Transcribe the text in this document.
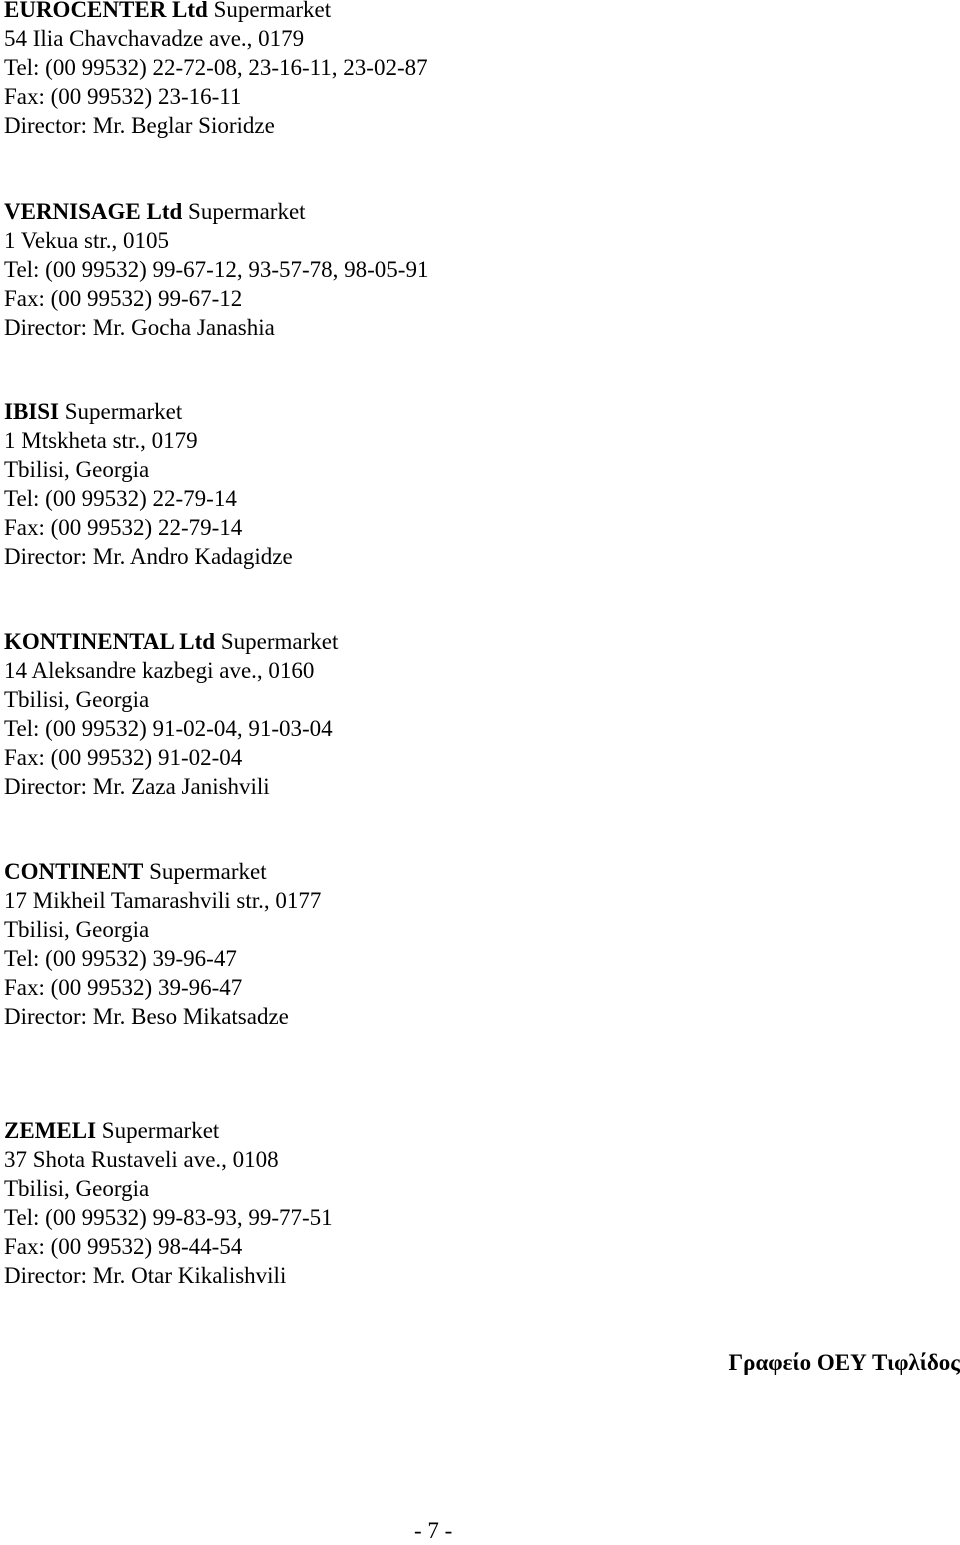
EUROCENTER Ltd Supermarket
54 Ilia Chavchavadze ave., 0179
Tel: (00 99532) 22-72-08, 23-16-11, 23-02-87
Fax: (00 99532) 23-16-11
Director: Mr. Beglar Sioridze
VERNISAGE Ltd Supermarket
1 Vekua str., 0105
Tel: (00 99532) 99-67-12, 93-57-78, 98-05-91
Fax: (00 99532) 99-67-12
Director: Mr. Gocha Janashia
IBISI Supermarket
1 Mtskheta str., 0179
Tbilisi, Georgia
Tel: (00 99532) 22-79-14
Fax: (00 99532) 22-79-14
Director: Mr. Andro Kadagidze
KONTINENTAL Ltd Supermarket
14 Aleksandre kazbegi ave., 0160
Tbilisi, Georgia
Tel: (00 99532) 91-02-04, 91-03-04
Fax: (00 99532) 91-02-04
Director: Mr. Zaza Janishvili
CONTINENT Supermarket
17 Mikheil Tamarashvili str., 0177
Tbilisi, Georgia
Tel: (00 99532) 39-96-47
Fax: (00 99532) 39-96-47
Director: Mr. Beso Mikatsadze
ZEMELI Supermarket
37 Shota Rustaveli ave., 0108
Tbilisi, Georgia
Tel: (00 99532) 99-83-93, 99-77-51
Fax: (00 99532) 98-44-54
Director: Mr. Otar Kikalishvili
Γραφείο ΟΕΥ Τιφλίδος
- 7 -
